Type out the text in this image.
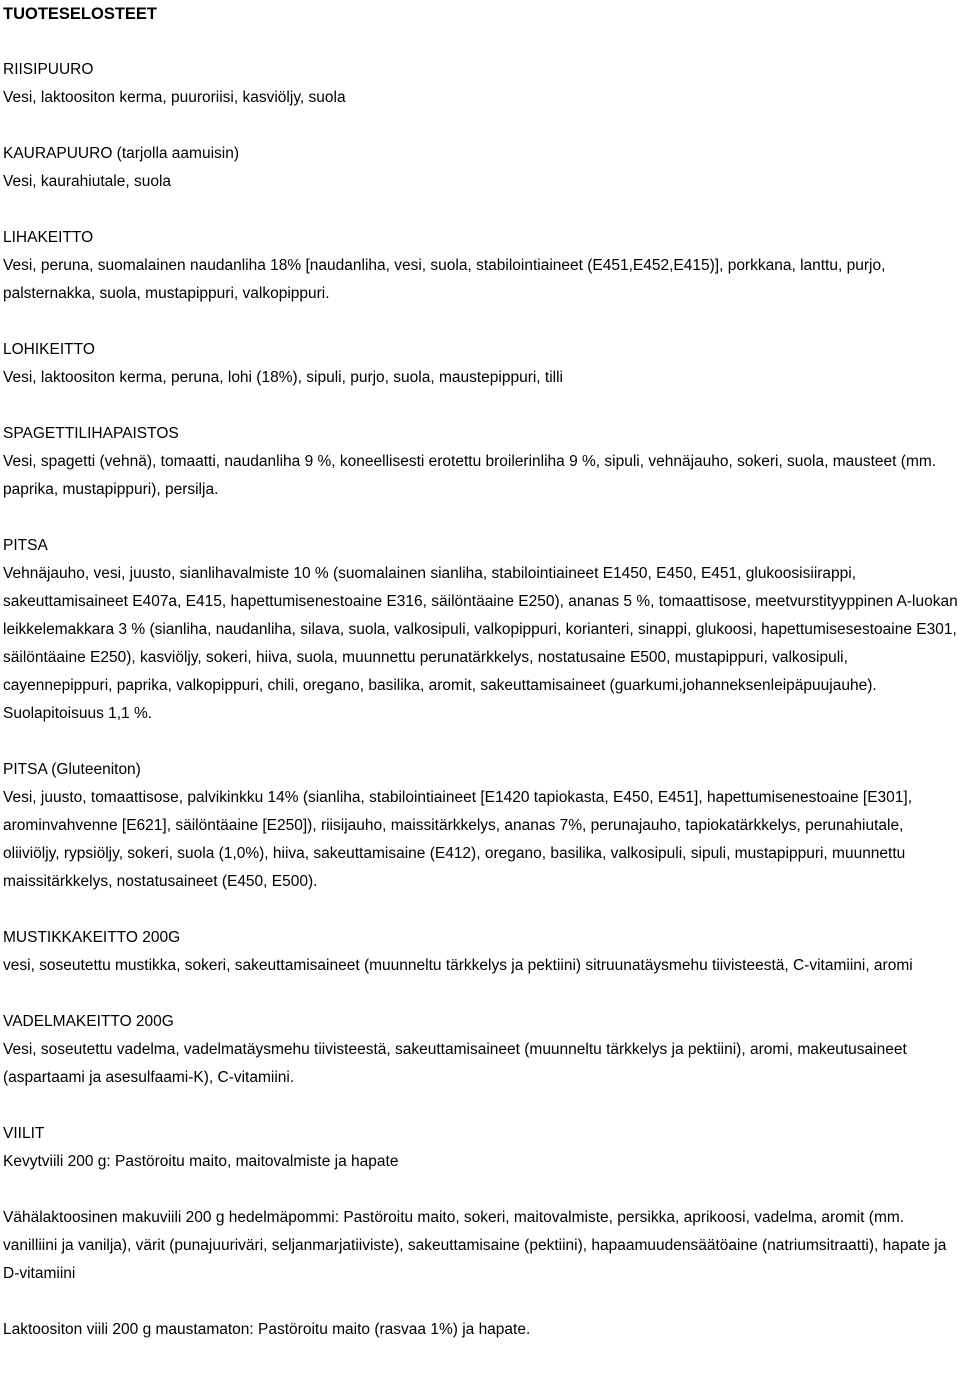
TUOTESELOSTEET
RIISIPUURO

Vesi, laktoositon kerma, puuroriisi, kasviöljy, suola

KAURAPUURO (tarjolla aamuisin)

Vesi, kaurahiutale, suola

LIHAKEITTO

Vesi, peruna, suomalainen naudanliha 18% [naudanliha, vesi, suola, stabilointiaineet (E451,E452,E415)], porkkana, lanttu, purjo, palsternakka, suola, mustapippuri, valkopippuri.

LOHIKEITTO

Vesi, laktoositon kerma, peruna, lohi (18%), sipuli, purjo, suola, maustepippuri, tilli

SPAGETTILIHAPAISTOS

Vesi, spagetti (vehnä), tomaatti, naudanliha 9 %, koneellisesti erotettu broilerinliha 9 %, sipuli, vehnäjauho, sokeri, suola, mausteet (mm. paprika, mustapippuri), persilja.

PITSA

Vehnäjauho, vesi, juusto, sianlihavalmiste 10 % (suomalainen sianliha, stabilointiaineet E1450, E450, E451, glukoosisiirappi, sakeuttamisaineet E407a, E415, hapettumisenestoaine E316, säilöntäaine E250), ananas 5 %, tomaattisose, meetvurstityyppinen A-luokan leikkelemakkara 3 % (sianliha, naudanliha, silava, suola, valkosipuli, valkopippuri, korianteri, sinappi, glukoosi, hapettumisesestoaine E301, säilöntäaine E250), kasviöljy, sokeri, hiiva, suola, muunnettu perunatärkkelys, nostatusaine E500, mustapippuri, valkosipuli, cayennepippuri, paprika, valkopippuri, chili, oregano, basilika, aromit, sakeuttamisaineet (guarkumi,johanneksenleipäpuujauhe). Suolapitoisuus 1,1 %.

PITSA (Gluteeniton)

Vesi, juusto, tomaattisose, palvikinkku 14% (sianliha, stabilointiaineet [E1420 tapiokasta, E450, E451], hapettumisenestoaine [E301], arominvahvenne [E621], säilöntäaine [E250]), riisijauho, maissitärkkelys, ananas 7%, perunajauho, tapiokatärkkelys, perunahiutale, oliiviöljy, rypsiöljy, sokeri, suola (1,0%), hiiva, sakeuttamisaine (E412), oregano, basilika, valkosipuli, sipuli, mustapippuri, muunnettu maissitärkkelys, nostatusaineet (E450, E500).

MUSTIKKAKEITTO 200G

vesi, soseutettu mustikka, sokeri, sakeuttamisaineet (muunneltu tärkkelys ja pektiini) sitruunatäysmehu tiivisteestä, C-vitamiini, aromi

VADELMAKEITTO 200G

Vesi, soseutettu vadelma, vadelmatäysmehu tiivisteestä, sakeuttamisaineet (muunneltu tärkkelys ja pektiini), aromi, makeutusaineet (aspartaami ja asesulfaami-K), C-vitamiini.

VIILIT

Kevytviili 200 g: Pastöroitu maito, maitovalmiste ja hapate

Vähälaktoosinen makuviili 200 g hedelmäpommi: Pastöroitu maito, sokeri, maitovalmiste, persikka, aprikoosi, vadelma, aromit (mm. vanilliini ja vanilja), värit (punajuuriväri, seljanmarjatiiviste), sakeuttamisaine (pektiini), hapaamuudensäätöaine (natriumsitraatti), hapate ja D-vitamiini

Laktoositon viili 200 g maustamaton: Pastöroitu maito (rasvaa 1%) ja hapate.
